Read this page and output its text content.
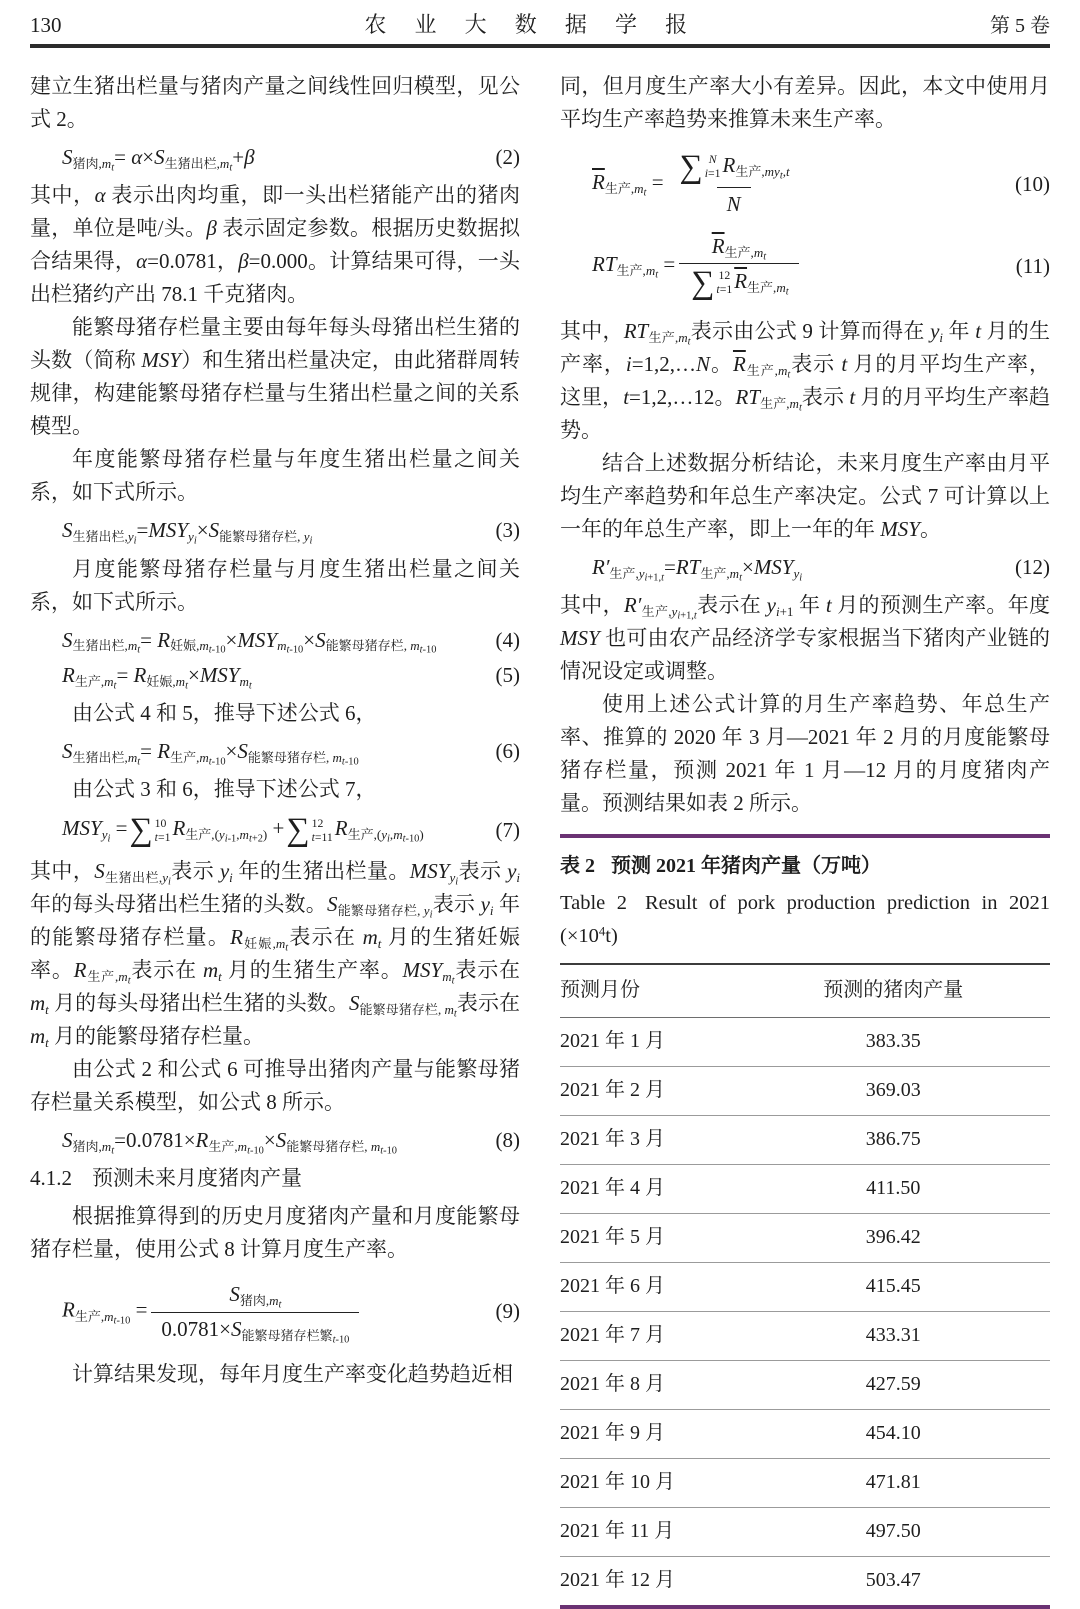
130	农 业 大 数 据 学 报	第 5 卷

建立生猪出栏量与猪肉产量之间线性回归模型，见公式 2。

$S_{猪肉,m_t}= \alpha\times S_{生猪出栏,m_t}+\beta$	(2)

其中，α 表示出肉均重，即一头出栏猪能产出的猪肉量，单位是吨/头。β 表示固定参数。根据历史数据拟合结果得，α=0.0781，β=0.000。计算结果可得，一头出栏猪约产出 78.1 千克猪肉。

能繁母猪存栏量主要由每年每头母猪出栏生猪的头数（简称 MSY）和生猪出栏量决定，由此猪群周转规律，构建能繁母猪存栏量与生猪出栏量之间的关系模型。

年度能繁母猪存栏量与年度生猪出栏量之间关系，如下式所示。

$S_{生猪出栏,y_i}=MSY_{y_i}\times S_{能繁母猪存栏, y_i}$	(3)

月度能繁母猪存栏量与月度生猪出栏量之间关系，如下式所示。

$S_{生猪出栏,m_t}= R_{妊娠,m_{t-10}}\times MSY_{m_{t-10}}\times S_{能繁母猪存栏, m_{t-10}}$	(4)
$R_{生产,m_t}= R_{妊娠,m_t}\times MSY_{m_t}$	(5)

由公式 4 和 5，推导下述公式 6，

$S_{生猪出栏,m_t}= R_{生产,m_{t-10}}\times S_{能繁母猪存栏, m_{t-10}}$	(6)

由公式 3 和 6，推导下述公式 7，

$MSY_{y_i}$ = ∑ 10
t=1 $R_{生产,(y_{i-1},m_{t+2})}$ + ∑ 12
t=11 $R_{生产,(y_i,m_{t-10})}$	(7)

其中，$S_{生猪出栏,y_i}$表示 $y_i$ 年的生猪出栏量。$MSY_{y_i}$表示 $y_i$ 年的每头母猪出栏生猪的头数。$S_{能繁母猪存栏, y_i}$表示 $y_i$ 年的能繁母猪存栏量。$R_{妊娠,m_t}$表示在 $m_t$ 月的生猪妊娠率。$R_{生产,m_t}$表示在 $m_t$ 月的生猪生产率。$MSY_{m_t}$表示在 $m_t$ 月的每头母猪出栏生猪的头数。$S_{能繁母猪存栏, m_t}$表示在 $m_t$ 月的能繁母猪存栏量。

由公式 2 和公式 6 可推导出猪肉产量与能繁母猪存栏量关系模型，如公式 8 所示。

$S_{猪肉,m_t}=0.0781\times R_{生产,m_{t-10}}\times S_{能繁母猪存栏, m_{t-10}}$	(8)
4.1.2 预测未来月度猪肉产量

根据推算得到的历史月度猪肉产量和月度能繁母猪存栏量，使用公式 8 计算月度生产率。

$R_{生产,m_{t-10}} = \frac{S_{猪肉,m_t}}{0.0781\times S_{能繁母猪存栏繁_{t-10}}}$	(9)

计算结果发现，每年月度生产率变化趋势趋近相

同，但月度生产率大小有差异。因此，本文中使用月平均生产率趋势来推算未来生产率。

$\overline{R}_{生产,m_t}$ = ∑ N
i=1 $R_{生产,my_t,t}$
N	(10)
$RT_{生产,m_t} = \overline{R}_{生产,m_t}$
∑ 12
t=1 $\overline{R}_{生产,m_t}$	(11)

其中，$RT_{生产,m_t}$表示由公式 9 计算而得在 $y_i$ 年 t 月的生产率，i=1,2,…N。$\overline{R}_{生产,m_t}$表示 t 月的月平均生产率，这里，t=1,2,…12。$RT_{生产,m_t}$表示 t 月的月平均生产率趋势。

结合上述数据分析结论，未来月度生产率由月平均生产率趋势和年总生产率决定。公式 7 可计算以上一年的年总生产率，即上一年的年 MSY。

$R'_{生产,y_{i+1,t}}=RT_{生产,m_t}\times MSY_{y_i}$	(12)

其中，$R'_{生产,y_{i+1,t}}$表示在 $y_{i+1}$ 年 t 月的预测生产率。年度 MSY 也可由农产品经济学专家根据当下猪肉产业链的情况设定或调整。

使用上述公式计算的月生产率趋势、年总生产率、推算的 2020 年 3 月—2021 年 2 月的月度能繁母猪存栏量，预测 2021 年 1 月—12 月的月度猪肉产量。预测结果如表 2 所示。

表 2 预测 2021 年猪肉产量（万吨）
Table 2 Result of pork production prediction in 2021 $(\times 10^4t)$
预测月份	预测的猪肉产量
2021 年 1 月	383.35
2021 年 2 月	369.03
2021 年 3 月	386.75
2021 年 4 月	411.50
2021 年 5 月	396.42
2021 年 6 月	415.45
2021 年 7 月	433.31
2021 年 8 月	427.59
2021 年 9 月	454.10
2021 年 10 月	471.81
2021 年 11 月	497.50
2021 年 12 月	503.47
